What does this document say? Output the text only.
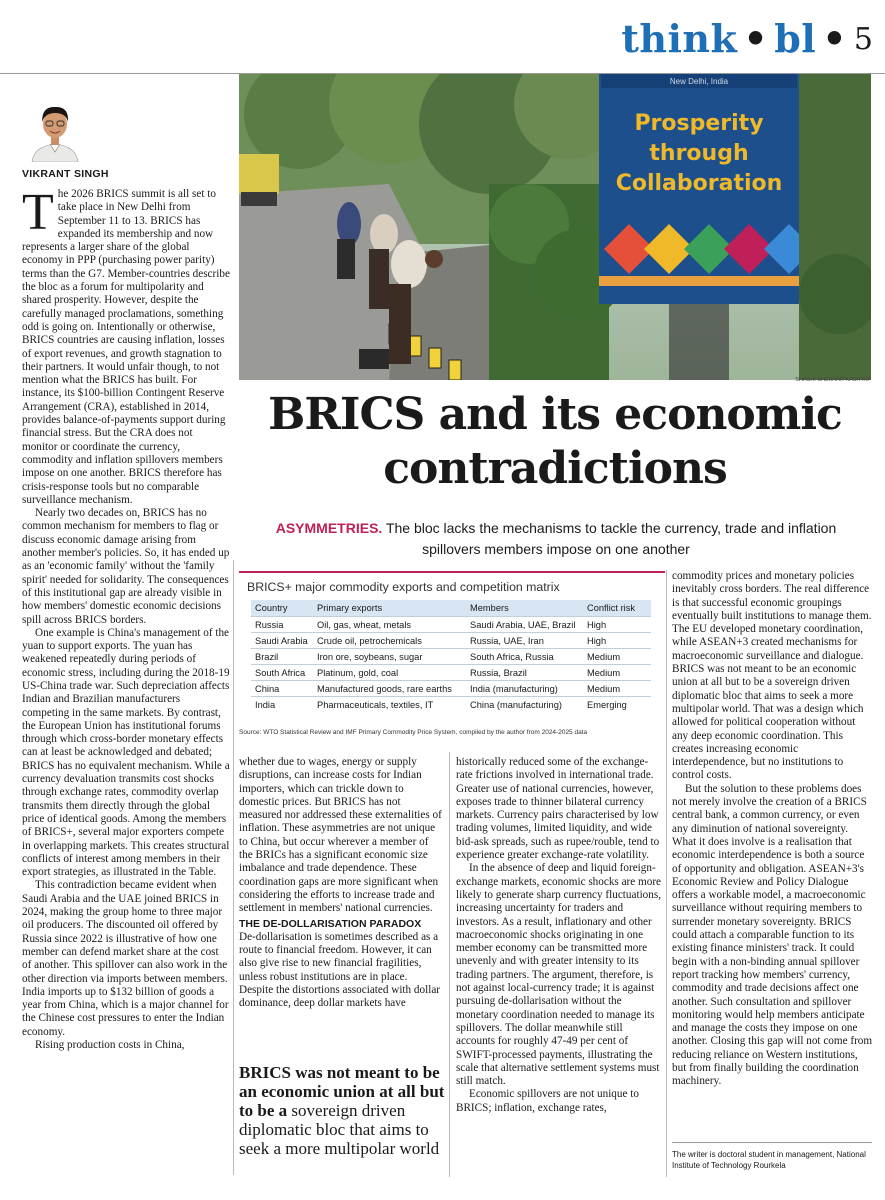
think • bl • 5
VIKRANT SINGH

The 2026 BRICS summit is all set to take place in New Delhi from September 11 to 13. BRICS has expanded its membership and now represents a larger share of the global economy in PPP (purchasing power parity) terms than the G7. Member-countries describe the bloc as a forum for multipolarity and shared prosperity. However, despite the carefully managed proclamations, something odd is going on. Intentionally or otherwise, BRICS countries are causing inflation, losses of export revenues, and growth stagnation to their partners. It would unfair though, to not mention what the BRICS has built. For instance, its $100-billion Contingent Reserve Arrangement (CRA), established in 2014, provides balance-of-payments support during financial stress. But the CRA does not monitor or coordinate the currency, commodity and inflation spillovers members impose on one another. BRICS therefore has crisis-response tools but no comparable surveillance mechanism.

Nearly two decades on, BRICS has no common mechanism for members to flag or discuss economic damage arising from another member's policies. So, it has ended up as an 'economic family' without the 'family spirit' needed for solidarity. The consequences of this institutional gap are already visible in how members' domestic economic decisions spill across BRICS borders.

One example is China's management of the yuan to support exports. The yuan has weakened repeatedly during periods of economic stress, including during the 2018-19 US-China trade war. Such depreciation affects Indian and Brazilian manufacturers competing in the same markets. By contrast, the European Union has institutional forums through which cross-border monetary effects can at least be acknowledged and debated; BRICS has no equivalent mechanism. While a currency devaluation transmits cost shocks through exchange rates, commodity overlap transmits them directly through the global price of identical goods. Among the members of BRICS+, several major exporters compete in overlapping markets. This creates structural conflicts of interest among members in their export strategies, as illustrated in the Table.

This contradiction became evident when Saudi Arabia and the UAE joined BRICS in 2024, making the group home to three major oil producers. The discounted oil offered by Russia since 2022 is illustrative of how one member can defend market share at the cost of another. This spillover can also work in the other direction via imports between members. India imports up to $132 billion of goods a year from China, which is a major channel for the Chinese cost pressures to enter the Indian economy.

Rising production costs in China,

New Delhi, India
Prosperity
through
Collaboration
SHASHI SHEKHAR KASHYAP
BRICS and its economic
contradictions
ASYMMETRIES. The bloc lacks the mechanisms to tackle the currency, trade and inflation spillovers members impose on one another
BRICS+ major commodity exports and competition matrix
Country	Primary exports	Members	Conflict risk
Russia	Oil, gas, wheat, metals	Saudi Arabia, UAE, Brazil	High
Saudi Arabia	Crude oil, petrochemicals	Russia, UAE, Iran	High
Brazil	Iron ore, soybeans, sugar	South Africa, Russia	Medium
South Africa	Platinum, gold, coal	Russia, Brazil	Medium
China	Manufactured goods, rare earths	India (manufacturing)	Medium
India	Pharmaceuticals, textiles, IT	China (manufacturing)	Emerging
Source: WTO Statistical Review and IMF Primary Commodity Price System, compiled by the author from 2024-2025 data

whether due to wages, energy or supply disruptions, can increase costs for Indian importers, which can trickle down to domestic prices. But BRICS has not measured nor addressed these externalities of inflation. These asymmetries are not unique to China, but occur wherever a member of the BRICs has a significant economic size imbalance and trade dependence. These coordination gaps are more significant when considering the efforts to increase trade and settlement in members' national currencies.

THE DE-DOLLARISATION PARADOX

De-dollarisation is sometimes described as a route to financial freedom. However, it can also give rise to new financial fragilities, unless robust institutions are in place. Despite the distortions associated with dollar dominance, deep dollar markets have

BRICS was not meant to be an economic union at all but to be a sovereign driven diplomatic bloc that aims to seek a more multipolar world

historically reduced some of the exchange-rate frictions involved in international trade. Greater use of national currencies, however, exposes trade to thinner bilateral currency markets. Currency pairs characterised by low trading volumes, limited liquidity, and wide bid-ask spreads, such as rupee/rouble, tend to experience greater exchange-rate volatility.

In the absence of deep and liquid foreign-exchange markets, economic shocks are more likely to generate sharp currency fluctuations, increasing uncertainty for traders and investors. As a result, inflationary and other macroeconomic shocks originating in one member economy can be transmitted more unevenly and with greater intensity to its trading partners. The argument, therefore, is not against local-currency trade; it is against pursuing de-dollarisation without the monetary coordination needed to manage its spillovers. The dollar meanwhile still accounts for roughly 47-49 per cent of SWIFT-processed payments, illustrating the scale that alternative settlement systems must still match.

Economic spillovers are not unique to BRICS; inflation, exchange rates,

commodity prices and monetary policies inevitably cross borders. The real difference is that successful economic groupings eventually built institutions to manage them. The EU developed monetary coordination, while ASEAN+3 created mechanisms for macroeconomic surveillance and dialogue. BRICS was not meant to be an economic union at all but to be a sovereign driven diplomatic bloc that aims to seek a more multipolar world. That was a design which allowed for political cooperation without any deep economic coordination. This creates increasing economic interdependence, but no institutions to control costs.

But the solution to these problems does not merely involve the creation of a BRICS central bank, a common currency, or even any diminution of national sovereignty. What it does involve is a realisation that economic interdependence is both a source of opportunity and obligation. ASEAN+3's Economic Review and Policy Dialogue offers a workable model, a macroeconomic surveillance without requiring members to surrender monetary sovereignty. BRICS could attach a comparable function to its existing finance ministers' track. It could begin with a non-binding annual spillover report tracking how members' currency, commodity and trade decisions affect one another. Such consultation and spillover monitoring would help members anticipate and manage the costs they impose on one another. Closing this gap will not come from reducing reliance on Western institutions, but from finally building the coordination machinery.

The writer is doctoral student in management, National Institute of Technology Rourkela
